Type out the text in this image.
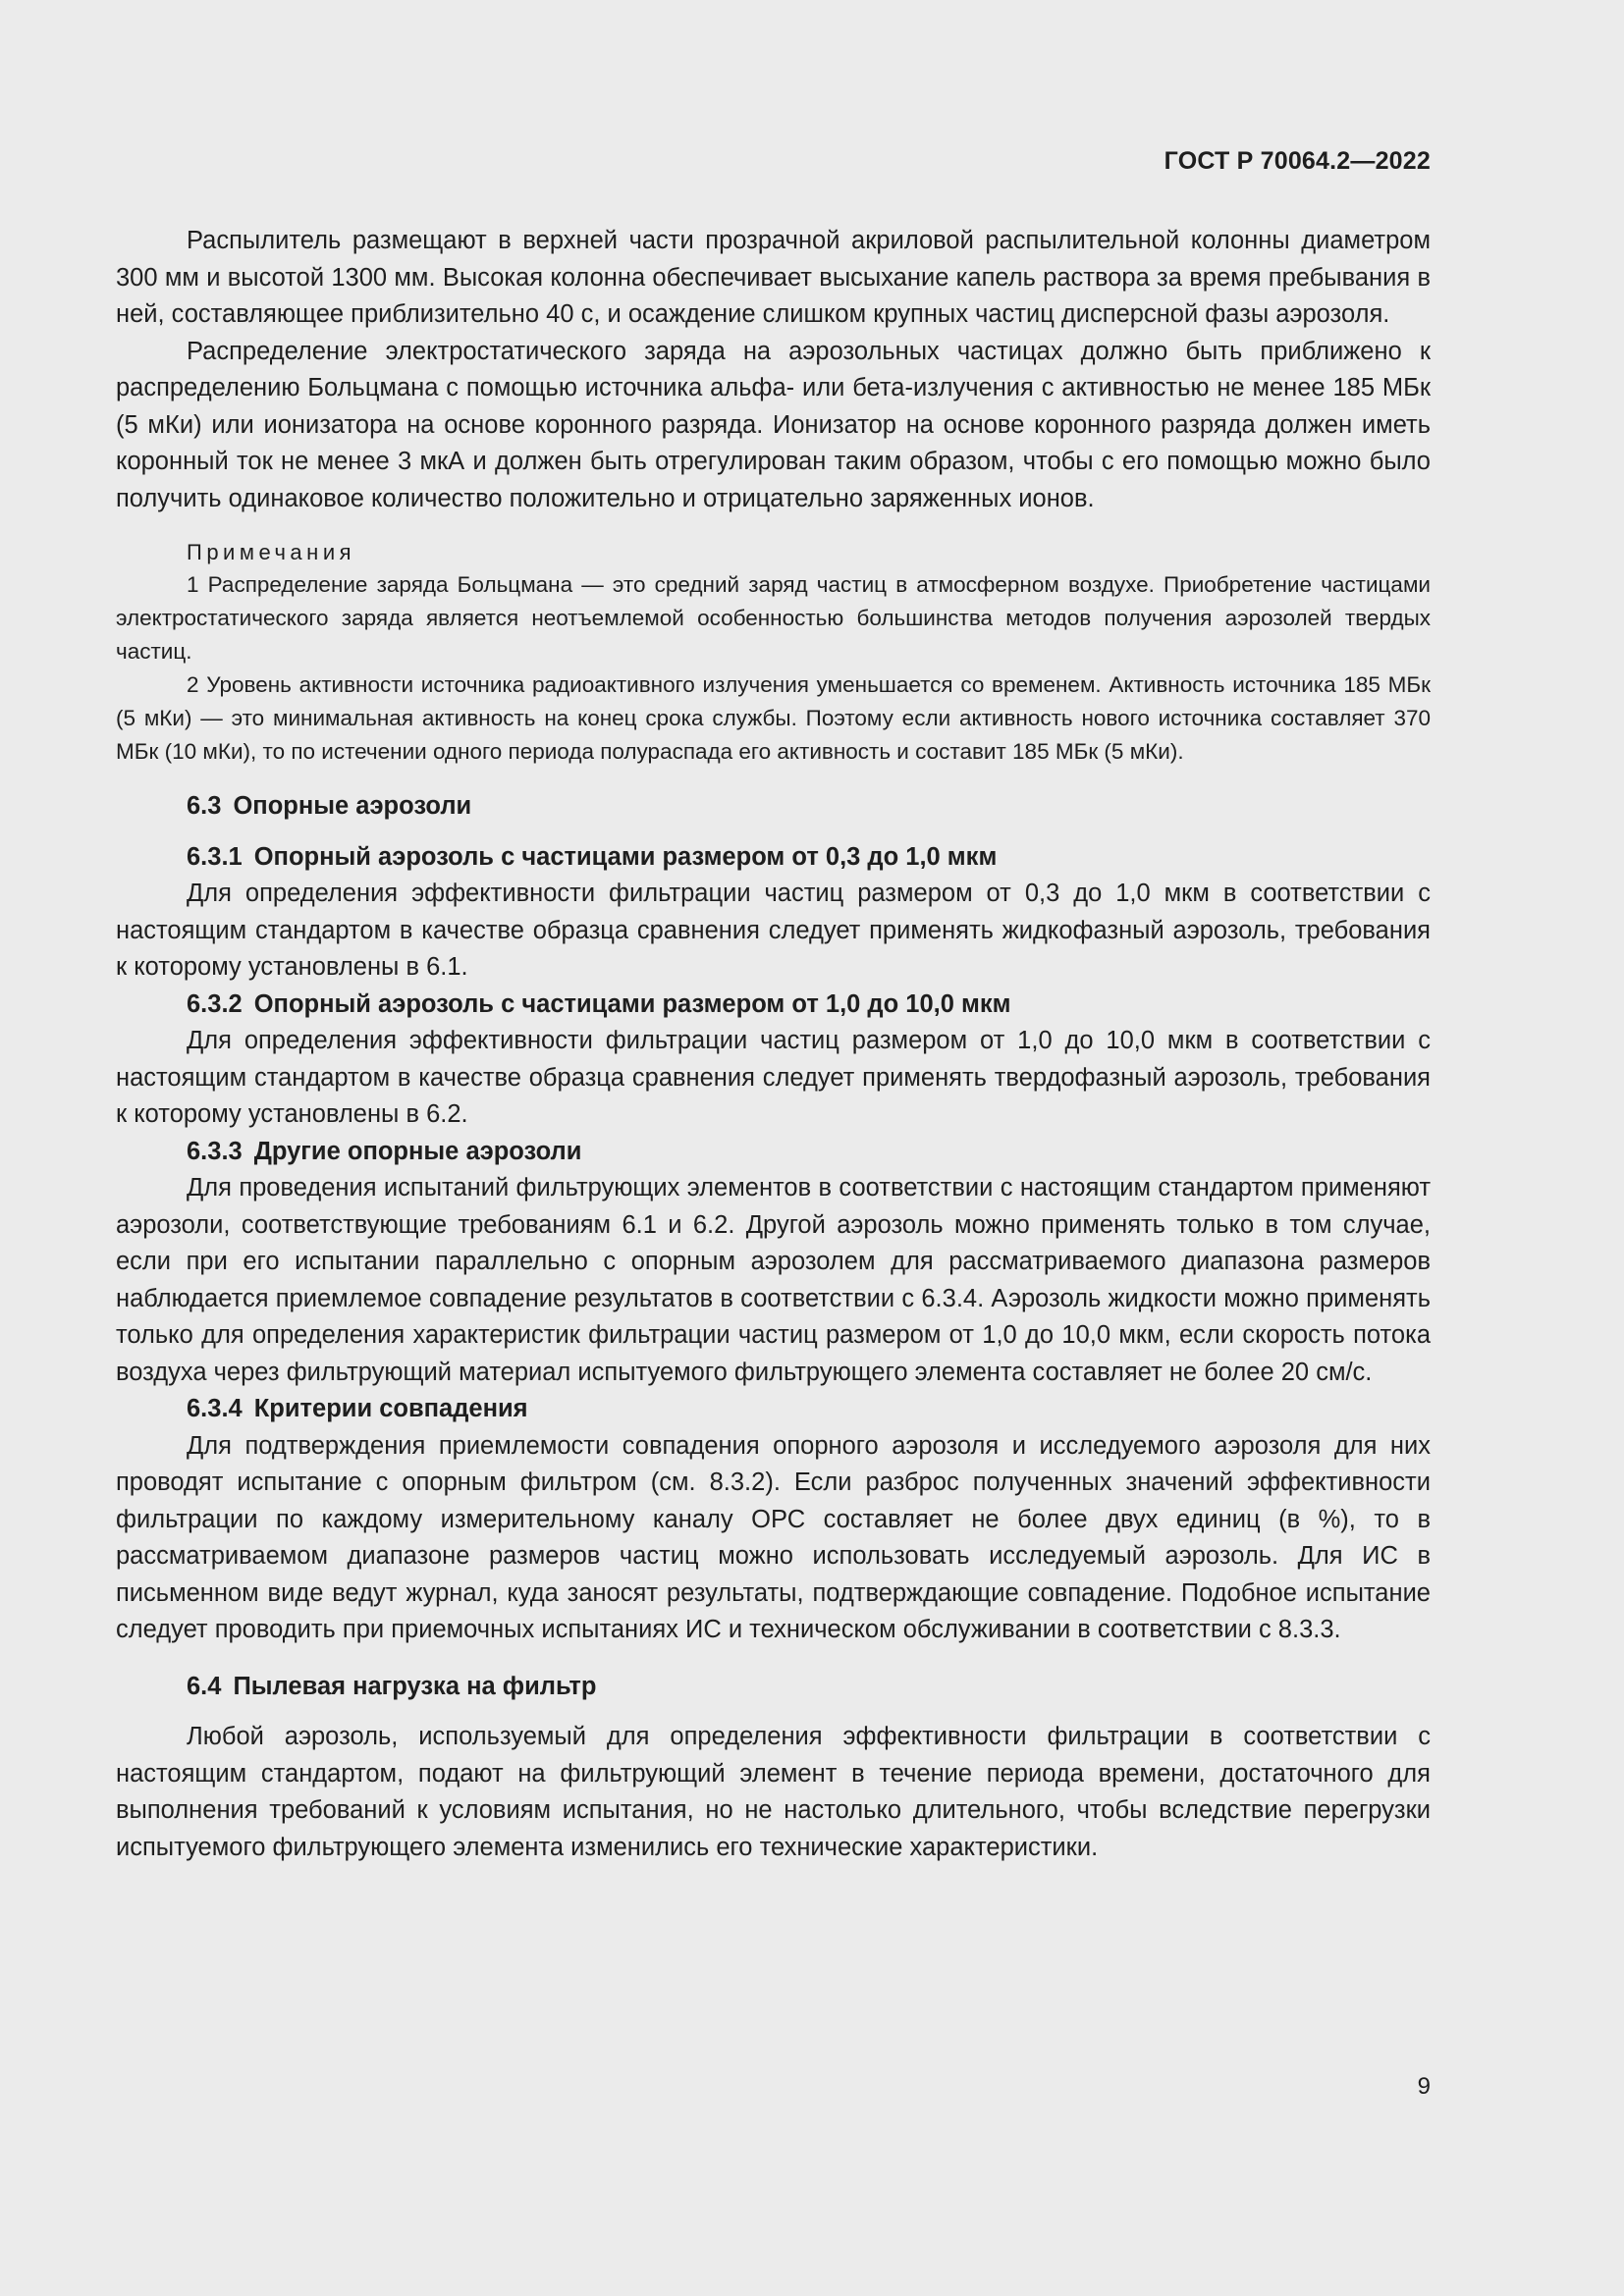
ГОСТ Р 70064.2—2022

Распылитель размещают в верхней части прозрачной акриловой распылительной колонны диаметром 300 мм и высотой 1300 мм. Высокая колонна обеспечивает высыхание капель раствора за время пребывания в ней, составляющее приблизительно 40 с, и осаждение слишком крупных частиц дисперсной фазы аэрозоля.

Распределение электростатического заряда на аэрозольных частицах должно быть приближено к распределению Больцмана с помощью источника альфа- или бета-излучения с активностью не менее 185 МБк (5 мКи) или ионизатора на основе коронного разряда. Ионизатор на основе коронного разряда должен иметь коронный ток не менее 3 мкА и должен быть отрегулирован таким образом, чтобы с его помощью можно было получить одинаковое количество положительно и отрицательно заряженных ионов.

Примечания

1 Распределение заряда Больцмана — это средний заряд частиц в атмосферном воздухе. Приобретение частицами электростатического заряда является неотъемлемой особенностью большинства методов получения аэрозолей твердых частиц.

2 Уровень активности источника радиоактивного излучения уменьшается со временем. Активность источника 185 МБк (5 мКи) — это минимальная активность на конец срока службы. Поэтому если активность нового источника составляет 370 МБк (10 мКи), то по истечении одного периода полураспада его активность и составит 185 МБк (5 мКи).

6.3 Опорные аэрозоли
6.3.1 Опорный аэрозоль с частицами размером от 0,3 до 1,0 мкм

Для определения эффективности фильтрации частиц размером от 0,3 до 1,0 мкм в соответствии с настоящим стандартом в качестве образца сравнения следует применять жидкофазный аэрозоль, требования к которому установлены в 6.1.

6.3.2 Опорный аэрозоль с частицами размером от 1,0 до 10,0 мкм

Для определения эффективности фильтрации частиц размером от 1,0 до 10,0 мкм в соответствии с настоящим стандартом в качестве образца сравнения следует применять твердофазный аэрозоль, требования к которому установлены в 6.2.

6.3.3 Другие опорные аэрозоли

Для проведения испытаний фильтрующих элементов в соответствии с настоящим стандартом применяют аэрозоли, соответствующие требованиям 6.1 и 6.2. Другой аэрозоль можно применять только в том случае, если при его испытании параллельно с опорным аэрозолем для рассматриваемого диапазона размеров наблюдается приемлемое совпадение результатов в соответствии с 6.3.4. Аэрозоль жидкости можно применять только для определения характеристик фильтрации частиц размером от 1,0 до 10,0 мкм, если скорость потока воздуха через фильтрующий материал испытуемого фильтрующего элемента составляет не более 20 см/с.

6.3.4 Критерии совпадения

Для подтверждения приемлемости совпадения опорного аэрозоля и исследуемого аэрозоля для них проводят испытание с опорным фильтром (см. 8.3.2). Если разброс полученных значений эффективности фильтрации по каждому измерительному каналу ОРС составляет не более двух единиц (в %), то в рассматриваемом диапазоне размеров частиц можно использовать исследуемый аэрозоль. Для ИС в письменном виде ведут журнал, куда заносят результаты, подтверждающие совпадение. Подобное испытание следует проводить при приемочных испытаниях ИС и техническом обслуживании в соответствии с 8.3.3.

6.4 Пылевая нагрузка на фильтр

Любой аэрозоль, используемый для определения эффективности фильтрации в соответствии с настоящим стандартом, подают на фильтрующий элемент в течение периода времени, достаточного для выполнения требований к условиям испытания, но не настолько длительного, чтобы вследствие перегрузки испытуемого фильтрующего элемента изменились его технические характеристики.

9
